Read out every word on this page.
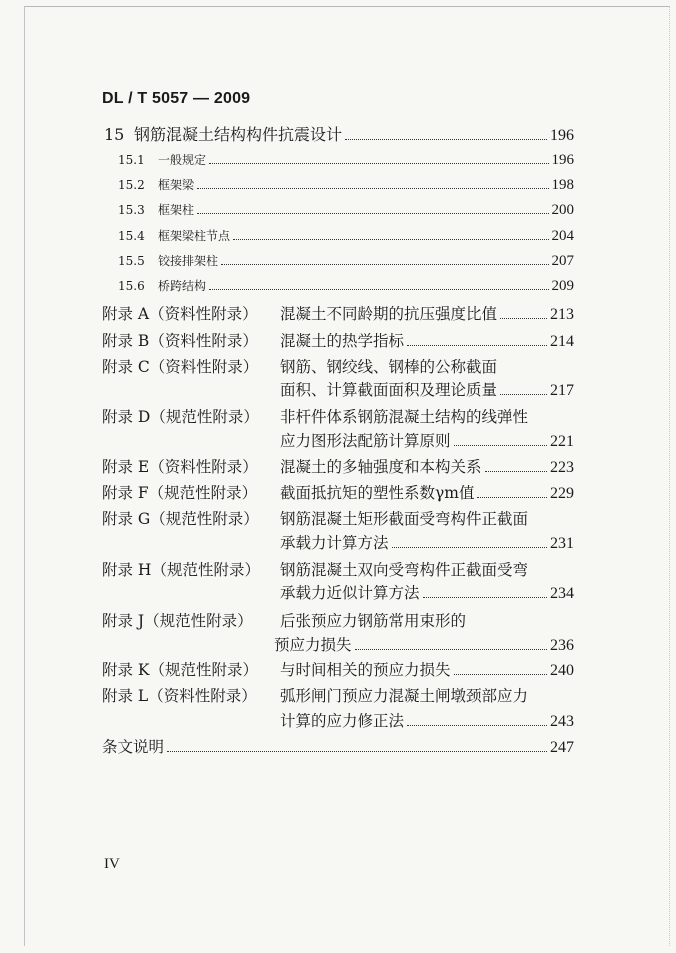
DL / T 5057 — 2009
15 钢筋混凝土结构构件抗震设计	196
15.1	一般规定	196
15.2	框架梁	198
15.3	框架柱	200
15.4	框架梁柱节点	204
15.5	铰接排架柱	207
15.6	桥跨结构	209
附录 A（资料性附录）	混凝土不同龄期的抗压强度比值	213
附录 B（资料性附录）	混凝土的热学指标	214
附录 C（资料性附录）	钢筋、钢绞线、钢棒的公称截面
面积、计算截面面积及理论质量	217
附录 D（规范性附录）	非杆件体系钢筋混凝土结构的线弹性
应力图形法配筋计算原则	221
附录 E（资料性附录）	混凝土的多轴强度和本构关系	223
附录 F（规范性附录）	截面抵抗矩的塑性系数γm值	229
附录 G（规范性附录）	钢筋混凝土矩形截面受弯构件正截面
承载力计算方法	231
附录 H（规范性附录）	钢筋混凝土双向受弯构件正截面受弯
承载力近似计算方法	234
附录 J（规范性附录）	后张预应力钢筋常用束形的
预应力损失	236
附录 K（规范性附录）	与时间相关的预应力损失	240
附录 L（资料性附录）	弧形闸门预应力混凝土闸墩颈部应力
计算的应力修正法	243
条文说明	247
IV
